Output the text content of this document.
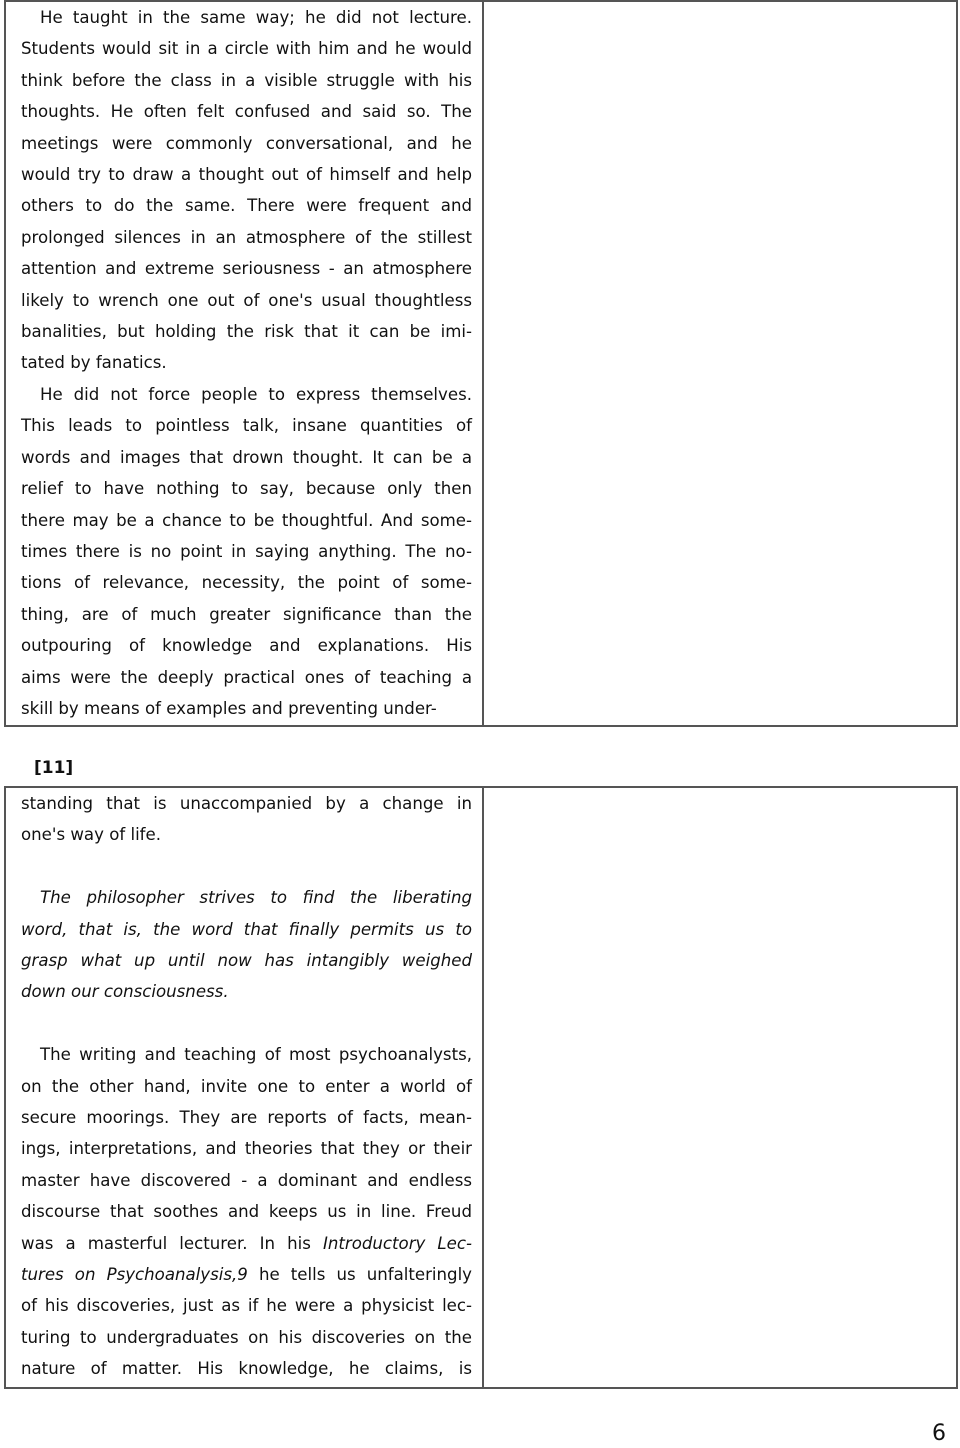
He taught in the same way; he did not lecture.
Students would sit in a circle with him and he would
think before the class in a visible struggle with his
thoughts. He often felt confused and said so. The
meetings were commonly conversational, and he
would try to draw a thought out of himself and help
others to do the same. There were frequent and
prolonged silences in an atmosphere of the stillest
attention and extreme seriousness - an atmosphere
likely to wrench one out of one's usual thoughtless
banalities, but holding the risk that it can be imi-
tated by fanatics.

He did not force people to express themselves.
This leads to pointless talk, insane quantities of
words and images that drown thought. It can be a
relief to have nothing to say, because only then
there may be a chance to be thoughtful. And some-
times there is no point in saying anything. The no-
tions of relevance, necessity, the point of some-
thing, are of much greater significance than the
outpouring of knowledge and explanations. His
aims were the deeply practical ones of teaching a
skill by means of examples and preventing under-

[11]

standing that is unaccompanied by a change in
one's way of life.

The philosopher strives to find the liberating
word, that is, the word that finally permits us to
grasp what up until now has intangibly weighed
down our consciousness.

The writing and teaching of most psychoanalysts,
on the other hand, invite one to enter a world of
secure moorings. They are reports of facts, mean-
ings, interpretations, and theories that they or their
master have discovered - a dominant and endless
discourse that soothes and keeps us in line. Freud
was a masterful lecturer. In his Introductory Lec-
tures on Psychoanalysis,9 he tells us unfalteringly
of his discoveries, just as if he were a physicist lec-
turing to undergraduates on his discoveries on the
nature of matter. His knowledge, he claims, is

6
